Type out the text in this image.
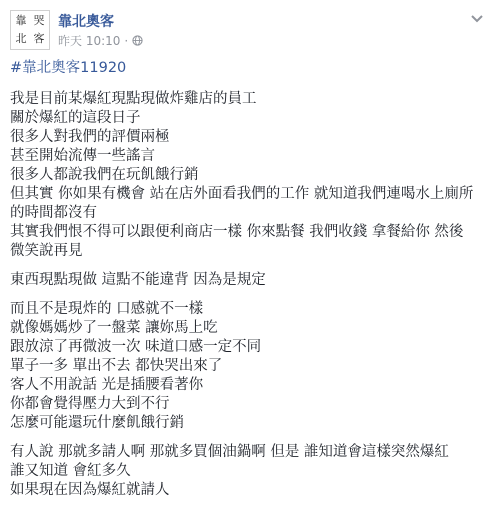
靠 哭
北 客
靠北奧客
昨天 10:10 ·
#靠北奧客11920

我是目前某爆紅現點現做炸雞店的員工

關於爆紅的這段日子

很多人對我們的評價兩極

甚至開始流傳一些謠言

很多人都說我們在玩飢餓行銷

但其實 你如果有機會 站在店外面看我們的工作 就知道我們連喝水上廁所

的時間都沒有

其實我們恨不得可以跟便利商店一樣 你來點餐 我們收錢 拿餐給你 然後

微笑說再見

東西現點現做 這點不能違背 因為是規定

而且不是現炸的 口感就不一樣

就像媽媽炒了一盤菜 讓妳馬上吃

跟放涼了再微波一次 味道口感一定不同

單子一多 單出不去 都快哭出來了

客人不用說話 光是插腰看著你

你都會覺得壓力大到不行

怎麼可能還玩什麼飢餓行銷

有人說 那就多請人啊 那就多買個油鍋啊 但是 誰知道會這樣突然爆紅

誰又知道 會紅多久

如果現在因為爆紅就請人
